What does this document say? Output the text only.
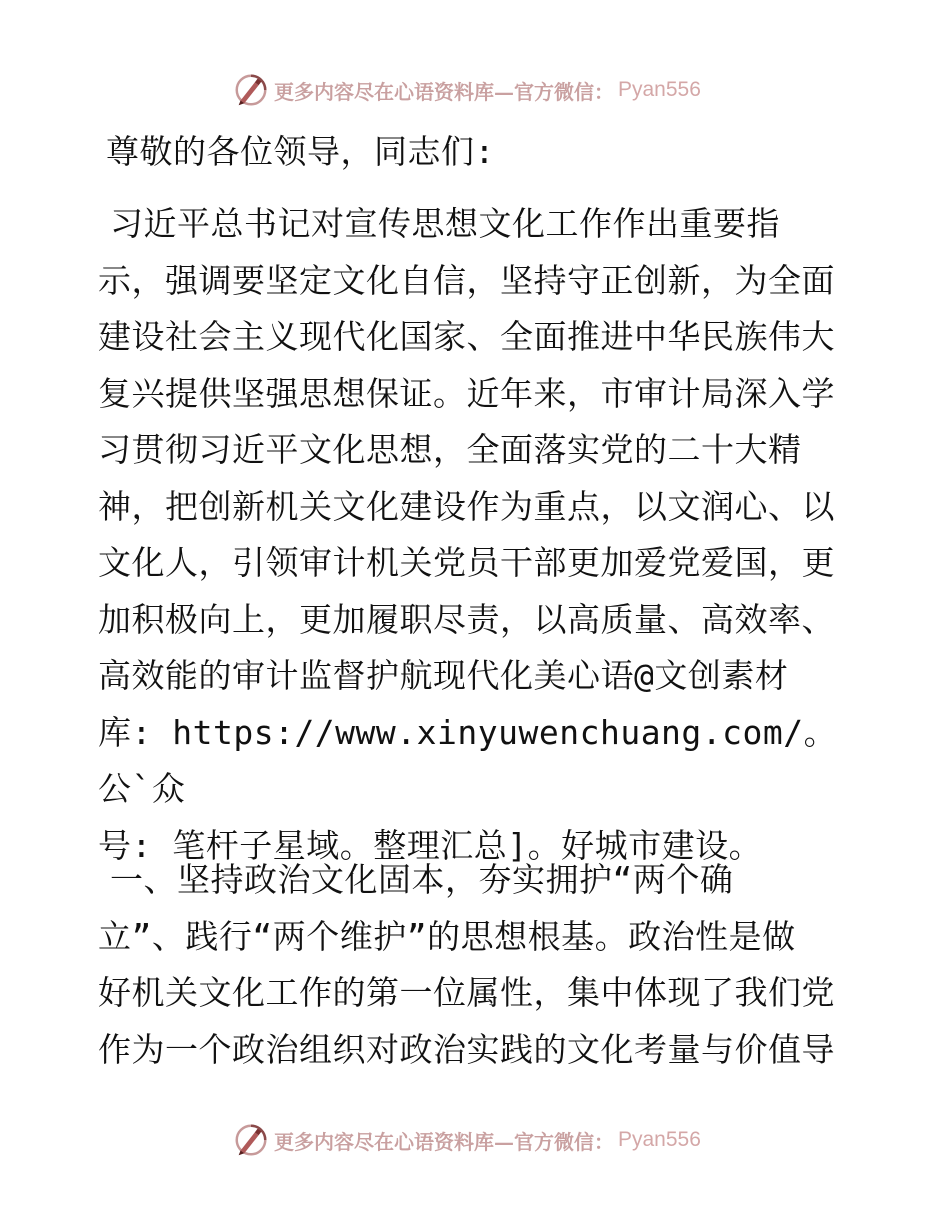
更多内容尽在心语资料库—官方微信： Pyan556
尊敬的各位领导，同志们:
习近平总书记对宣传思想文化工作作出重要指
示，强调要坚定文化自信，坚持守正创新，为全面
建设社会主义现代化国家、全面推进中华民族伟大
复兴提供坚强思想保证。近年来，市审计局深入学
习贯彻习近平文化思想，全面落实党的二十大精
神，把创新机关文化建设作为重点，以文润心、以
文化人，引领审计机关党员干部更加爱党爱国，更
加积极向上，更加履职尽责，以高质量、高效率、
高效能的审计监督护航现代化美心语@文创素材
库: https://www.xinyuwenchuang.com/。公`众
号: 笔杆子星域。整理汇总]。好城市建设。
一、坚持政治文化固本，夯实拥护“两个确
立”、践行“两个维护”的思想根基。政治性是做
好机关文化工作的第一位属性，集中体现了我们党
作为一个政治组织对政治实践的文化考量与价值导
更多内容尽在心语资料库—官方微信： Pyan556
